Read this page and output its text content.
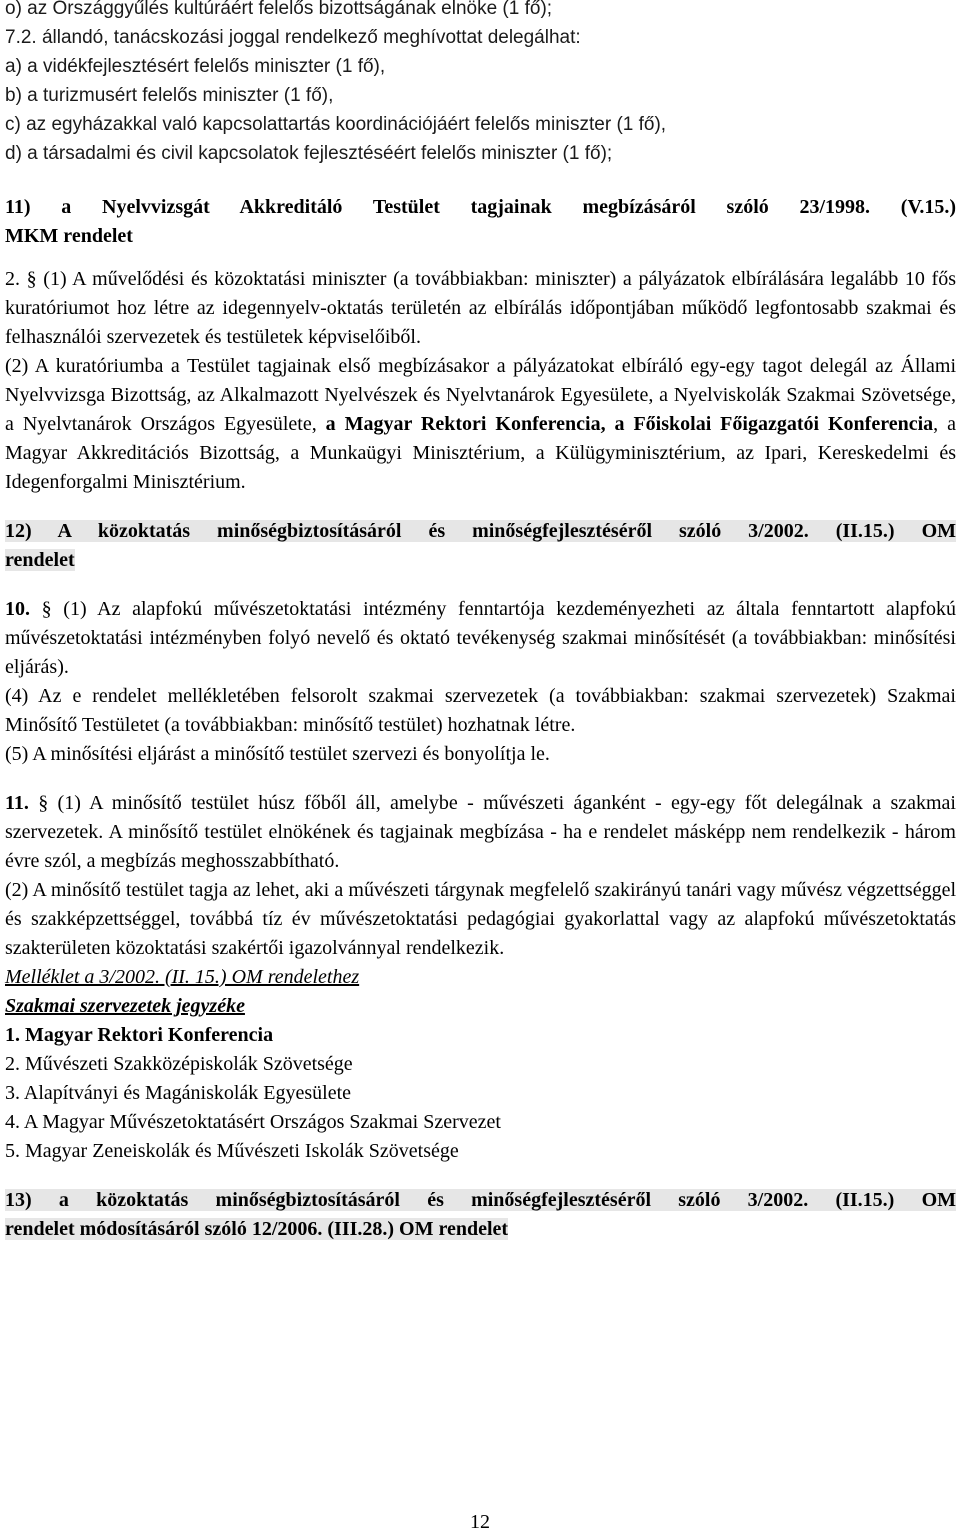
o) az Országgyűlés kultúráért felelős bizottságának elnöke (1 fő);
7.2. állandó, tanácskozási joggal rendelkező meghívottat delegálhat:
a) a vidékfejlesztésért felelős miniszter (1 fő),
b) a turizmusért felelős miniszter (1 fő),
c) az egyházakkal való kapcsolattartás koordinációjáért felelős miniszter (1 fő),
d) a társadalmi és civil kapcsolatok fejlesztéséért felelős miniszter (1 fő);
11) a Nyelvvizsgát Akkreditáló Testület tagjainak megbízásáról szóló 23/1998. (V.15.)
MKM rendelet

2. § (1) A művelődési és közoktatási miniszter (a továbbiakban: miniszter) a pályázatok elbírálására legalább 10 fős kuratóriumot hoz létre az idegennyelv-oktatás területén az elbírálás időpontjában működő legfontosabb szakmai és felhasználói szervezetek és testületek képviselőiből.

(2) A kuratóriumba a Testület tagjainak első megbízásakor a pályázatokat elbíráló egy-egy tagot delegál az Állami Nyelvvizsga Bizottság, az Alkalmazott Nyelvészek és Nyelvtanárok Egyesülete, a Nyelviskolák Szakmai Szövetsége, a Nyelvtanárok Országos Egyesülete, a Magyar Rektori Konferencia, a Főiskolai Főigazgatói Konferencia, a Magyar Akkreditációs Bizottság, a Munkaügyi Minisztérium, a Külügyminisztérium, az Ipari, Kereskedelmi és Idegenforgalmi Minisztérium.

12) A közoktatás minőségbiztosításáról és minőségfejlesztéséről szóló 3/2002. (II.15.) OM
rendelet

10. § (1) Az alapfokú művészetoktatási intézmény fenntartója kezdeményezheti az általa fenntartott alapfokú művészetoktatási intézményben folyó nevelő és oktató tevékenység szakmai minősítését (a továbbiakban: minősítési eljárás).

(4) Az e rendelet mellékletében felsorolt szakmai szervezetek (a továbbiakban: szakmai szervezetek) Szakmai Minősítő Testületet (a továbbiakban: minősítő testület) hozhatnak létre.

(5) A minősítési eljárást a minősítő testület szervezi és bonyolítja le.

11. § (1) A minősítő testület húsz főből áll, amelybe - művészeti áganként - egy-egy főt delegálnak a szakmai szervezetek. A minősítő testület elnökének és tagjainak megbízása - ha e rendelet másképp nem rendelkezik - három évre szól, a megbízás meghosszabbítható.

(2) A minősítő testület tagja az lehet, aki a művészeti tárgynak megfelelő szakirányú tanári vagy művész végzettséggel és szakképzettséggel, továbbá tíz év művészetoktatási pedagógiai gyakorlattal vagy az alapfokú művészetoktatás szakterületen közoktatási szakértői igazolvánnyal rendelkezik.

Melléklet a 3/2002. (II. 15.) OM rendelethez
Szakmai szervezetek jegyzéke
1. Magyar Rektori Konferencia
2. Művészeti Szakközépiskolák Szövetsége
3. Alapítványi és Magániskolák Egyesülete
4. A Magyar Művészetoktatásért Országos Szakmai Szervezet
5. Magyar Zeneiskolák és Művészeti Iskolák Szövetsége
13) a közoktatás minőségbiztosításáról és minőségfejlesztéséről szóló 3/2002. (II.15.) OM
rendelet módosításáról szóló 12/2006. (III.28.) OM rendelet
12
